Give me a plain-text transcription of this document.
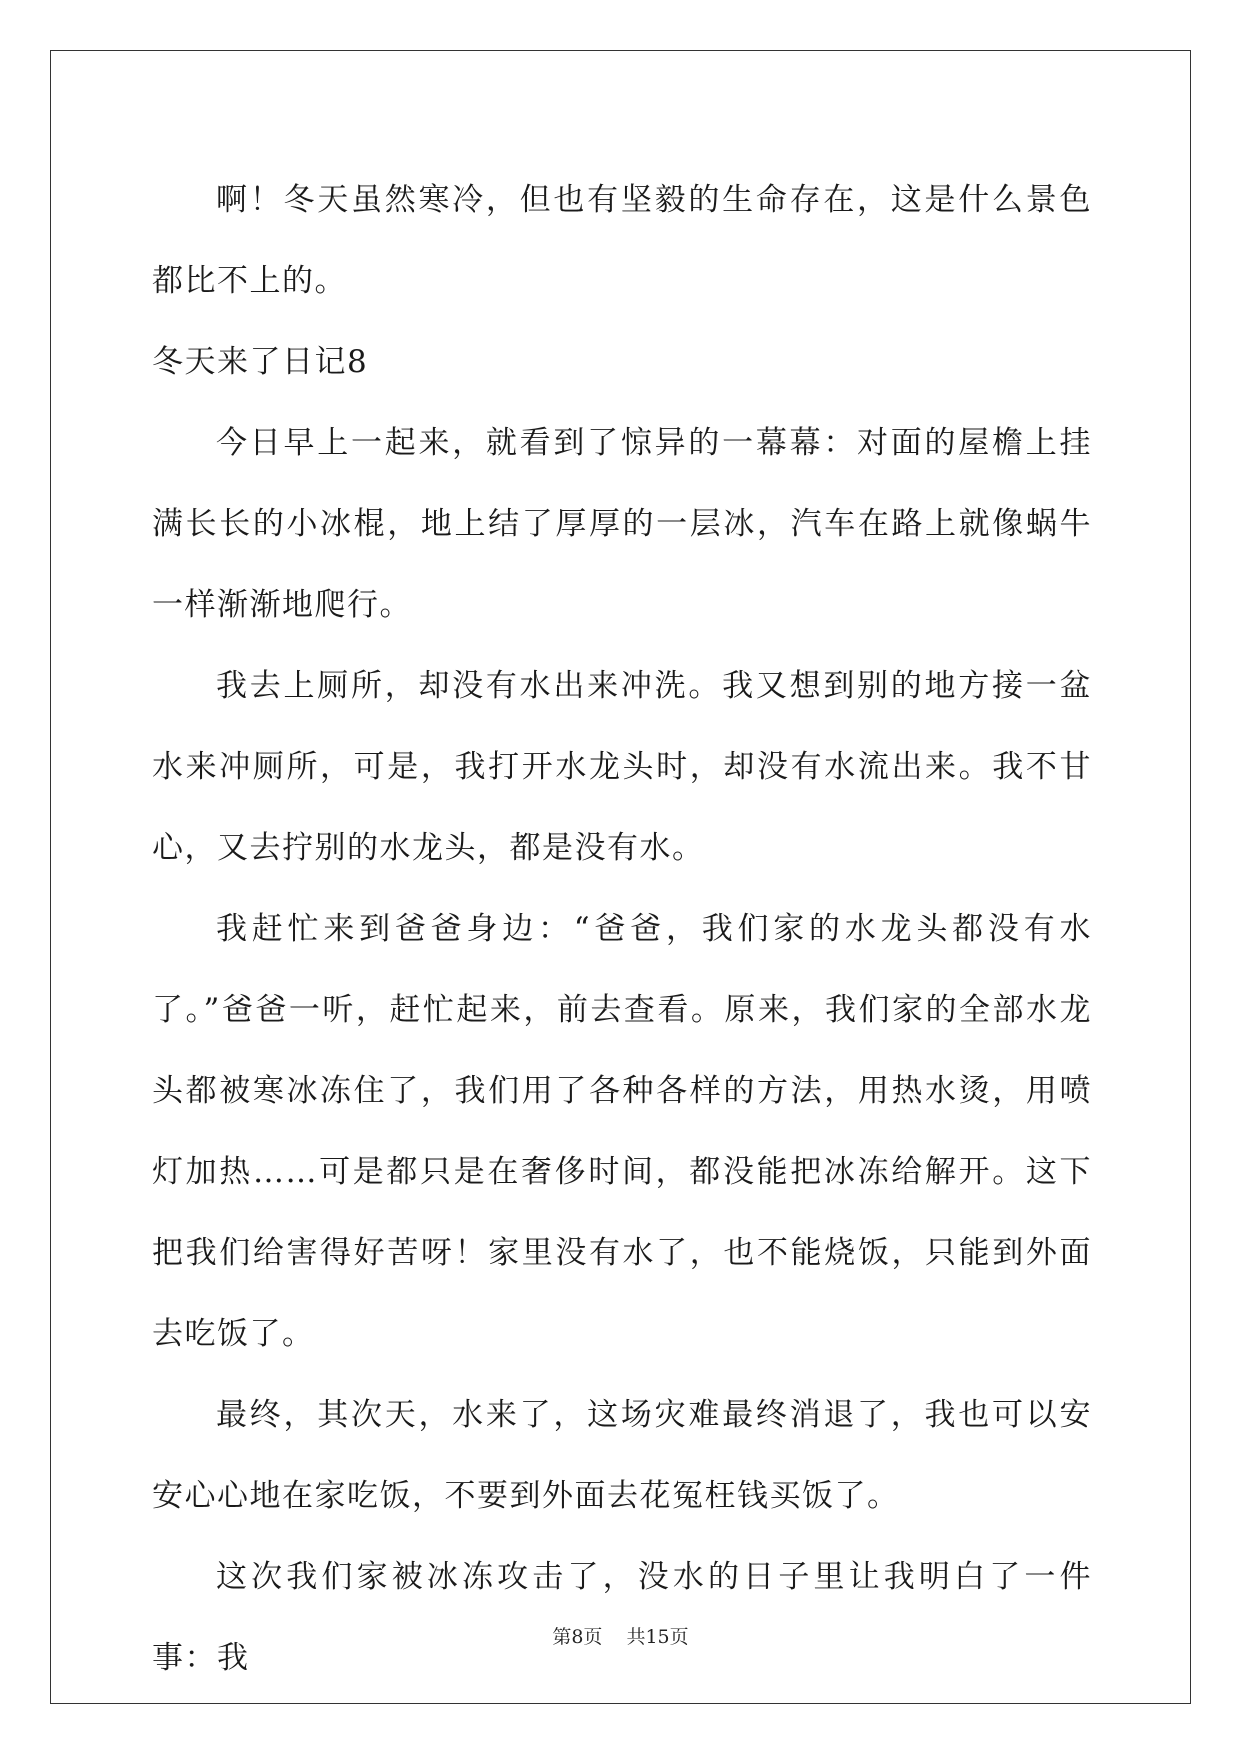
啊！冬天虽然寒冷，但也有坚毅的生命存在，这是什么景色都比不上的。

冬天来了日记8

今日早上一起来，就看到了惊异的一幕幕：对面的屋檐上挂满长长的小冰棍，地上结了厚厚的一层冰，汽车在路上就像蜗牛一样渐渐地爬行。

我去上厕所，却没有水出来冲洗。我又想到别的地方接一盆水来冲厕所，可是，我打开水龙头时，却没有水流出来。我不甘心，又去拧别的水龙头，都是没有水。

我赶忙来到爸爸身边：“爸爸，我们家的水龙头都没有水了。”爸爸一听，赶忙起来，前去查看。原来，我们家的全部水龙头都被寒冰冻住了，我们用了各种各样的方法，用热水烫，用喷灯加热……可是都只是在奢侈时间，都没能把冰冻给解开。这下把我们给害得好苦呀！家里没有水了，也不能烧饭，只能到外面去吃饭了。

最终，其次天，水来了，这场灾难最终消退了，我也可以安安心心地在家吃饭，不要到外面去花冤枉钱买饭了。

这次我们家被冰冻攻击了，没水的日子里让我明白了一件事：我

第8页 共15页
